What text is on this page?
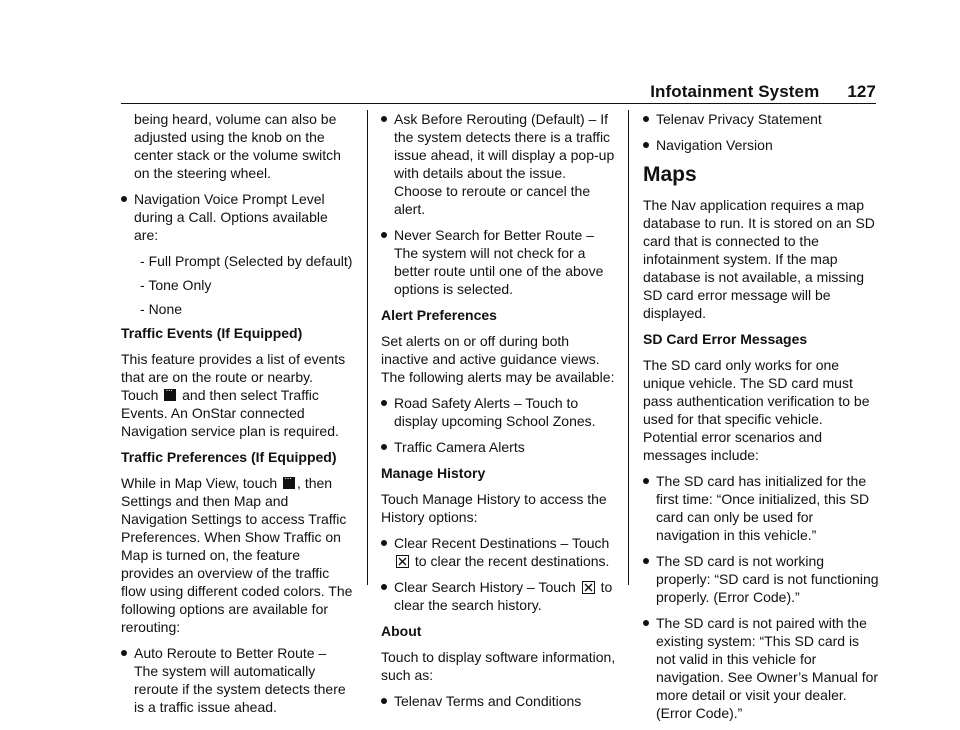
Infotainment System 127

being heard, volume can also be adjusted using the knob on the center stack or the volume switch on the steering wheel.

Navigation Voice Prompt Level during a Call. Options available are:

- Full Prompt (Selected by default)

- Tone Only

- None

Traffic Events (If Equipped)

This feature provides a list of events that are on the route or nearby. Touch ··· and then select Traffic Events. An OnStar connected Navigation service plan is required.

Traffic Preferences (If Equipped)

While in Map View, touch ··· , then Settings and then Map and Navigation Settings to access Traffic Preferences. When Show Traffic on Map is turned on, the feature provides an overview of the traffic flow using different coded colors. The following options are available for rerouting:

Auto Reroute to Better Route – The system will automatically reroute if the system detects there is a traffic issue ahead.
Ask Before Rerouting (Default) – If the system detects there is a traffic issue ahead, it will display a pop-up with details about the issue. Choose to reroute or cancel the alert.
Never Search for Better Route – The system will not check for a better route until one of the above options is selected.

Alert Preferences

Set alerts on or off during both inactive and active guidance views. The following alerts may be available:

Road Safety Alerts – Touch to display upcoming School Zones.
Traffic Camera Alerts

Manage History

Touch Manage History to access the History options:

Clear Recent Destinations – Touch  to clear the recent destinations.
Clear Search History – Touch to clear the search history.

About

Touch to display software information, such as:

Telenav Terms and Conditions
Telenav Privacy Statement
Navigation Version
Maps

The Nav application requires a map database to run. It is stored on an SD card that is connected to the infotainment system. If the map database is not available, a missing SD card error message will be displayed.

SD Card Error Messages

The SD card only works for one unique vehicle. The SD card must pass authentication verification to be used for that specific vehicle. Potential error scenarios and messages include:

The SD card has initialized for the first time: “Once initialized, this SD card can only be used for navigation in this vehicle.”
The SD card is not working properly: “SD card is not functioning properly. (Error Code).”
The SD card is not paired with the existing system: “This SD card is not valid in this vehicle for navigation. See Owner’s Manual for more detail or visit your dealer. (Error Code).”
